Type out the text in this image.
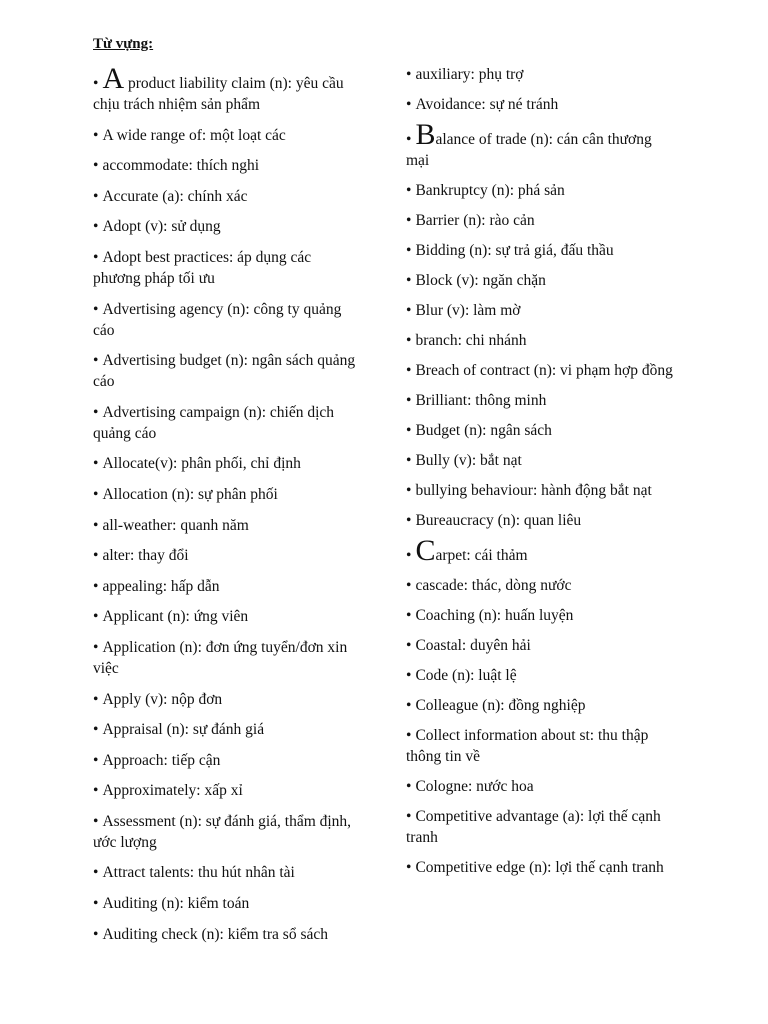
Từ vựng:
• A product liability claim (n): yêu cầu chịu trách nhiệm sản phẩm
• A wide range of: một loạt các
• accommodate: thích nghi
• Accurate (a): chính xác
• Adopt (v): sử dụng
• Adopt best practices: áp dụng các phương pháp tối ưu
• Advertising agency (n): công ty quảng cáo
• Advertising budget (n): ngân sách quảng cáo
• Advertising campaign (n): chiến dịch quảng cáo
• Allocate(v): phân phối, chỉ định
• Allocation (n): sự phân phối
• all-weather: quanh năm
• alter: thay đổi
• appealing: hấp dẫn
• Applicant (n): ứng viên
• Application (n): đơn ứng tuyển/đơn xin việc
• Apply (v): nộp đơn
• Appraisal (n): sự đánh giá
• Approach: tiếp cận
• Approximately: xấp xỉ
• Assessment (n): sự đánh giá, thẩm định, ước lượng
• Attract talents: thu hút nhân tài
• Auditing (n): kiểm toán
• Auditing check (n): kiểm tra sổ sách
• auxiliary: phụ trợ
• Avoidance: sự né tránh
• Balance of trade (n): cán cân thương mại
• Bankruptcy (n): phá sản
• Barrier (n): rào cản
• Bidding (n): sự trả giá, đấu thầu
• Block (v): ngăn chặn
• Blur (v): làm mờ
• branch: chi nhánh
• Breach of contract (n): vi phạm hợp đồng
• Brilliant: thông minh
• Budget (n): ngân sách
• Bully (v): bắt nạt
• bullying behaviour: hành động bắt nạt
• Bureaucracy (n): quan liêu
• Carpet: cái thảm
• cascade: thác, dòng nước
• Coaching (n): huấn luyện
• Coastal: duyên hải
• Code (n): luật lệ
• Colleague (n): đồng nghiệp
• Collect information about st: thu thập thông tin về
• Cologne: nước hoa
• Competitive advantage (a): lợi thế cạnh tranh
• Competitive edge (n): lợi thế cạnh tranh
